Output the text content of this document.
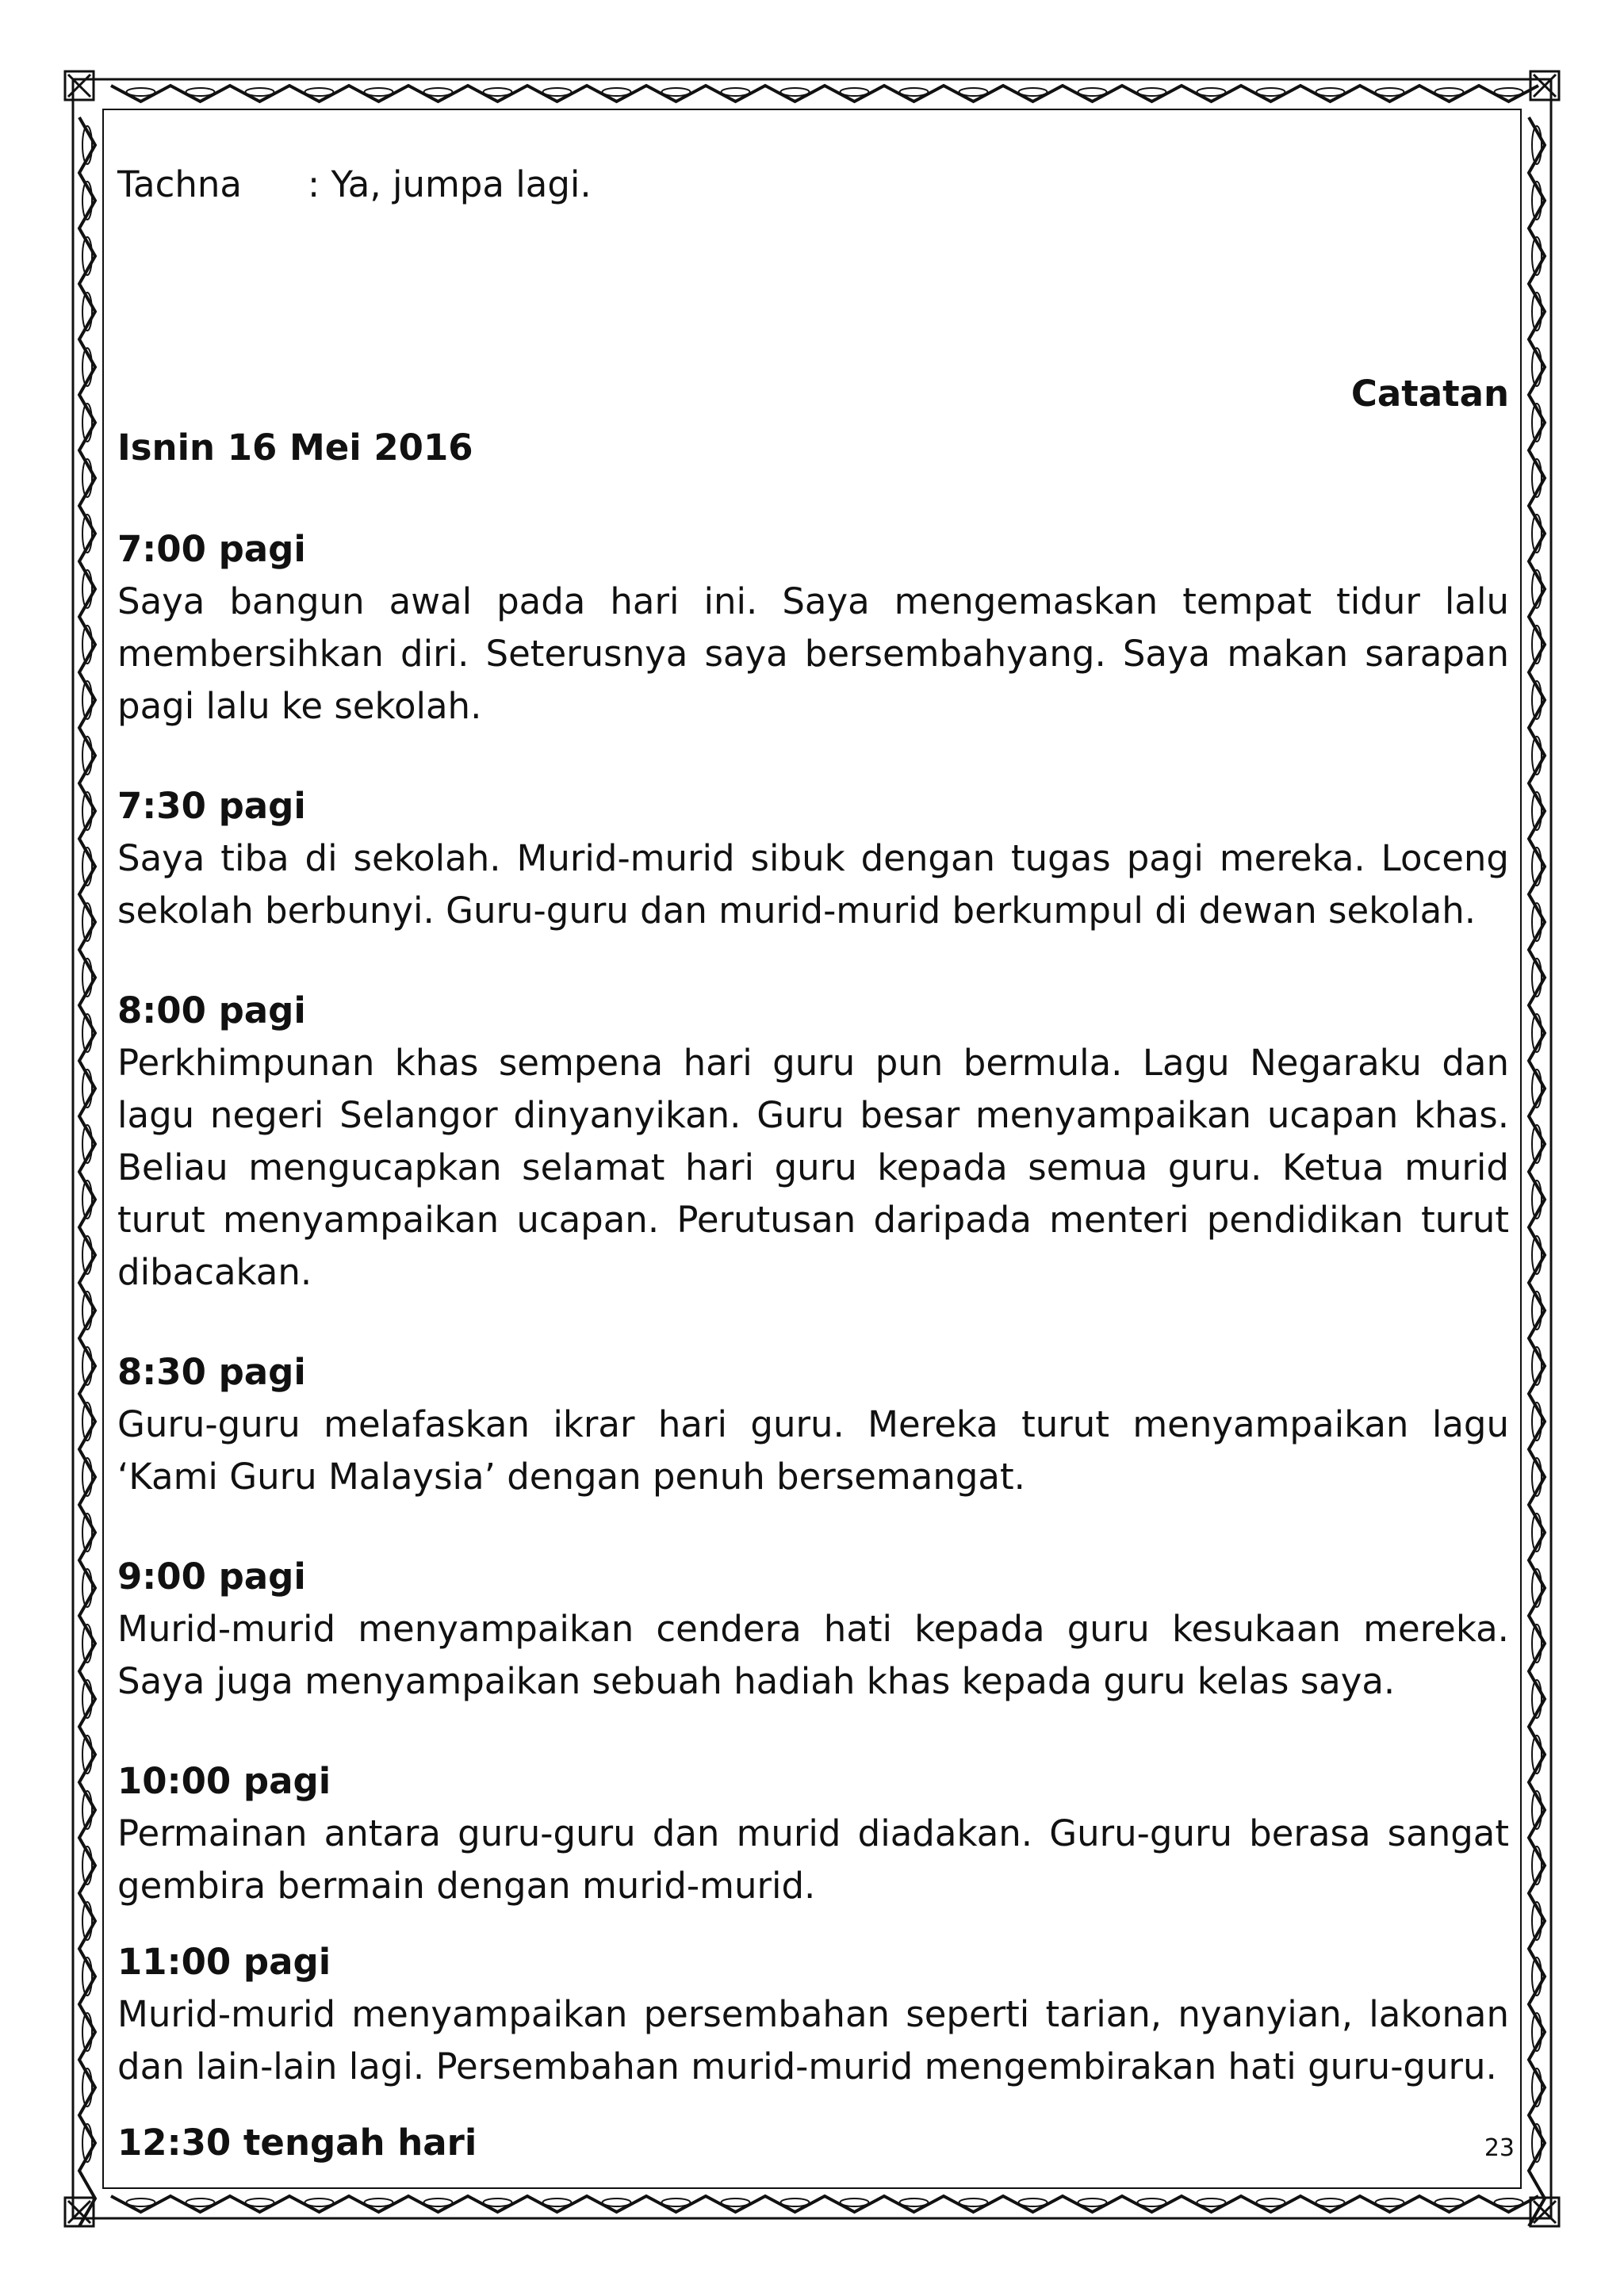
Tachna	: Ya, jumpa lagi.
Catatan
Isnin 16 Mei 2016
7:00 pagi
Saya bangun awal pada hari ini. Saya mengemaskan tempat tidur lalu membersihkan diri. Seterusnya saya bersembahyang. Saya makan sarapan pagi lalu ke sekolah.
7:30 pagi
Saya tiba di sekolah. Murid-murid sibuk dengan tugas pagi mereka. Loceng sekolah berbunyi. Guru-guru dan murid-murid berkumpul di dewan sekolah.
8:00 pagi
Perkhimpunan khas sempena hari guru pun bermula. Lagu Negaraku dan lagu negeri Selangor dinyanyikan. Guru besar menyampaikan ucapan khas. Beliau mengucapkan selamat hari guru kepada semua guru. Ketua murid turut menyampaikan ucapan. Perutusan daripada menteri pendidikan turut dibacakan.
8:30 pagi
Guru-guru melafaskan ikrar hari guru. Mereka turut menyampaikan lagu ‘Kami Guru Malaysia’ dengan penuh bersemangat.
9:00 pagi
Murid-murid menyampaikan cendera hati kepada guru kesukaan mereka. Saya juga menyampaikan sebuah hadiah khas kepada guru kelas saya.
10:00 pagi
Permainan antara guru-guru dan murid diadakan. Guru-guru berasa sangat gembira bermain dengan murid-murid.
11:00 pagi
Murid-murid menyampaikan persembahan seperti tarian, nyanyian, lakonan dan lain-lain lagi. Persembahan murid-murid mengembirakan hati guru-guru.
12:30 tengah hari	23
